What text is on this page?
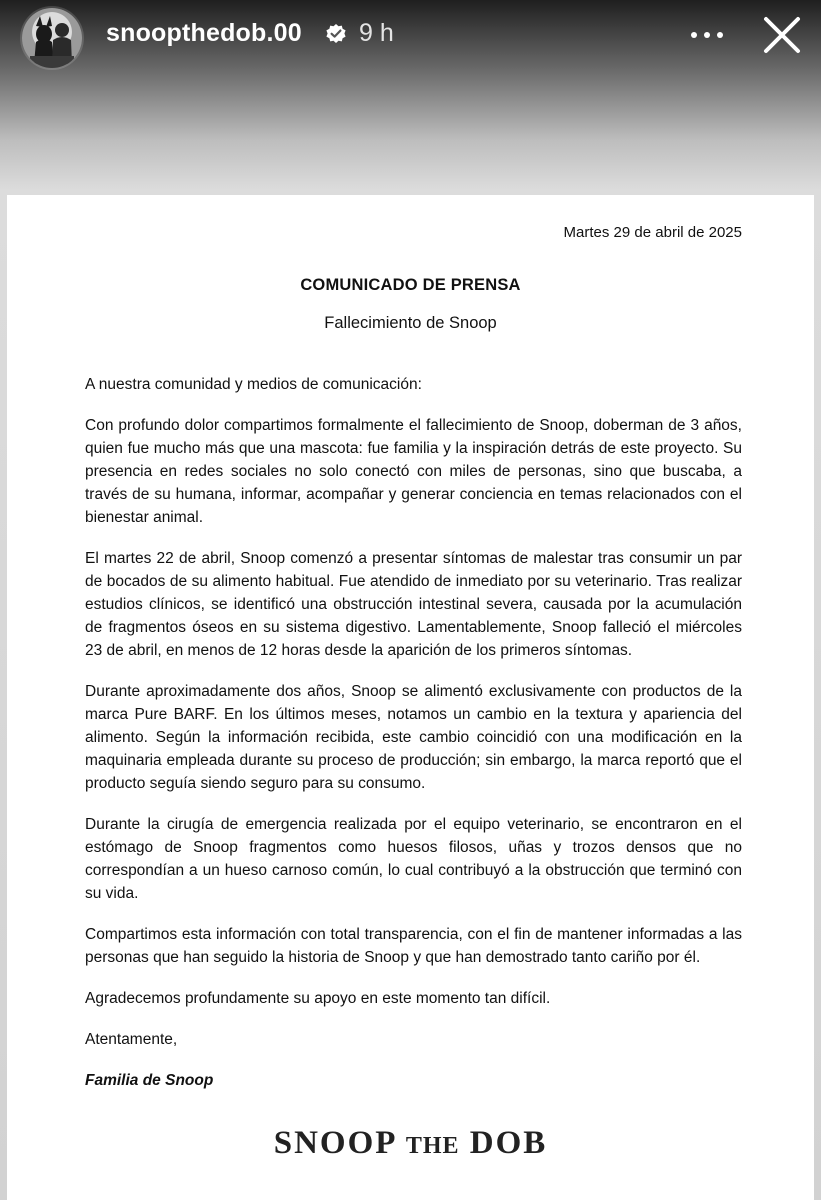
snoopthedob.00 9 h
Martes 29 de abril de 2025
COMUNICADO DE PRENSA
Fallecimiento de Snoop

A nuestra comunidad y medios de comunicación:

Con profundo dolor compartimos formalmente el fallecimiento de Snoop, doberman de 3 años, quien fue mucho más que una mascota: fue familia y la inspiración detrás de este proyecto. Su presencia en redes sociales no solo conectó con miles de personas, sino que buscaba, a través de su humana, informar, acompañar y generar conciencia en temas relacionados con el bienestar animal.

El martes 22 de abril, Snoop comenzó a presentar síntomas de malestar tras consumir un par de bocados de su alimento habitual. Fue atendido de inmediato por su veterinario. Tras realizar estudios clínicos, se identificó una obstrucción intestinal severa, causada por la acumulación de fragmentos óseos en su sistema digestivo. Lamentablemente, Snoop falleció el miércoles 23 de abril, en menos de 12 horas desde la aparición de los primeros síntomas.

Durante aproximadamente dos años, Snoop se alimentó exclusivamente con productos de la marca Pure BARF. En los últimos meses, notamos un cambio en la textura y apariencia del alimento. Según la información recibida, este cambio coincidió con una modificación en la maquinaria empleada durante su proceso de producción; sin embargo, la marca reportó que el producto seguía siendo seguro para su consumo.

Durante la cirugía de emergencia realizada por el equipo veterinario, se encontraron en el estómago de Snoop fragmentos como huesos filosos, uñas y trozos densos que no correspondían a un hueso carnoso común, lo cual contribuyó a la obstrucción que terminó con su vida.

Compartimos esta información con total transparencia, con el fin de mantener informadas a las personas que han seguido la historia de Snoop y que han demostrado tanto cariño por él.

Agradecemos profundamente su apoyo en este momento tan difícil.

Atentamente,

Familia de Snoop

SNOOP THE DOB
